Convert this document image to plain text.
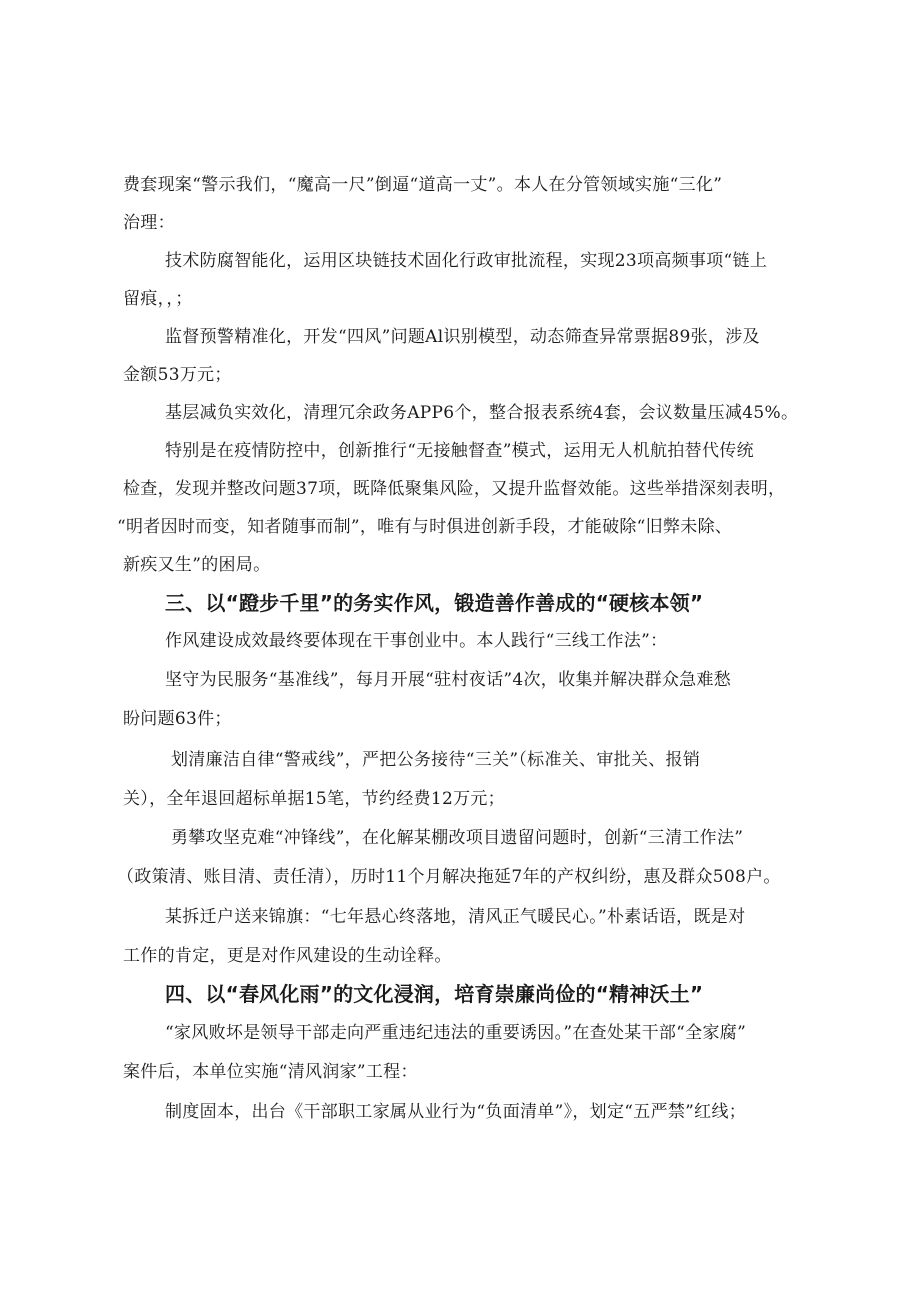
费套现案“警示我们，“魔高一尺”倒逼“道高一丈”。本人在分管领域实施“三化”
治理：
技术防腐智能化，运用区块链技术固化行政审批流程，实现23项高频事项“链上
留痕，，；
监督预警精准化，开发“四风”问题Al识别模型，动态筛查异常票据89张，涉及
金额53万元；
基层减负实效化，清理冗余政务APP6个，整合报表系统4套，会议数量压减45%。
特别是在疫情防控中，创新推行“无接触督查”模式，运用无人机航拍替代传统
检查，发现并整改问题37项，既降低聚集风险，又提升监督效能。这些举措深刻表明，
“明者因时而变，知者随事而制”，唯有与时俱进创新手段，才能破除“旧弊未除、
新疾又生”的困局。
三、以“蹬步千里”的务实作风，锻造善作善成的“硬核本领”
作风建设成效最终要体现在干事创业中。本人践行“三线工作法”：
坚守为民服务“基准线”，每月开展“驻村夜话”4次，收集并解决群众急难愁
盼问题63件；
划清廉洁自律“警戒线”，严把公务接待“三关”（标准关、审批关、报销
关），全年退回超标单据15笔，节约经费12万元；
勇攀攻坚克难“冲锋线”，在化解某棚改项目遗留问题时，创新“三清工作法”
（政策清、账目清、责任清），历时11个月解决拖延7年的产权纠纷，惠及群众508户。
某拆迁户送来锦旗：“七年悬心终落地，清风正气暖民心。”朴素话语，既是对
工作的肯定，更是对作风建设的生动诠释。
四、以“春风化雨”的文化浸润，培育崇廉尚俭的“精神沃土”
“家风败坏是领导干部走向严重违纪违法的重要诱因。”在查处某干部“全家腐”
案件后，本单位实施“清风润家”工程：
制度固本，出台《干部职工家属从业行为“负面清单”》，划定“五严禁”红线；
